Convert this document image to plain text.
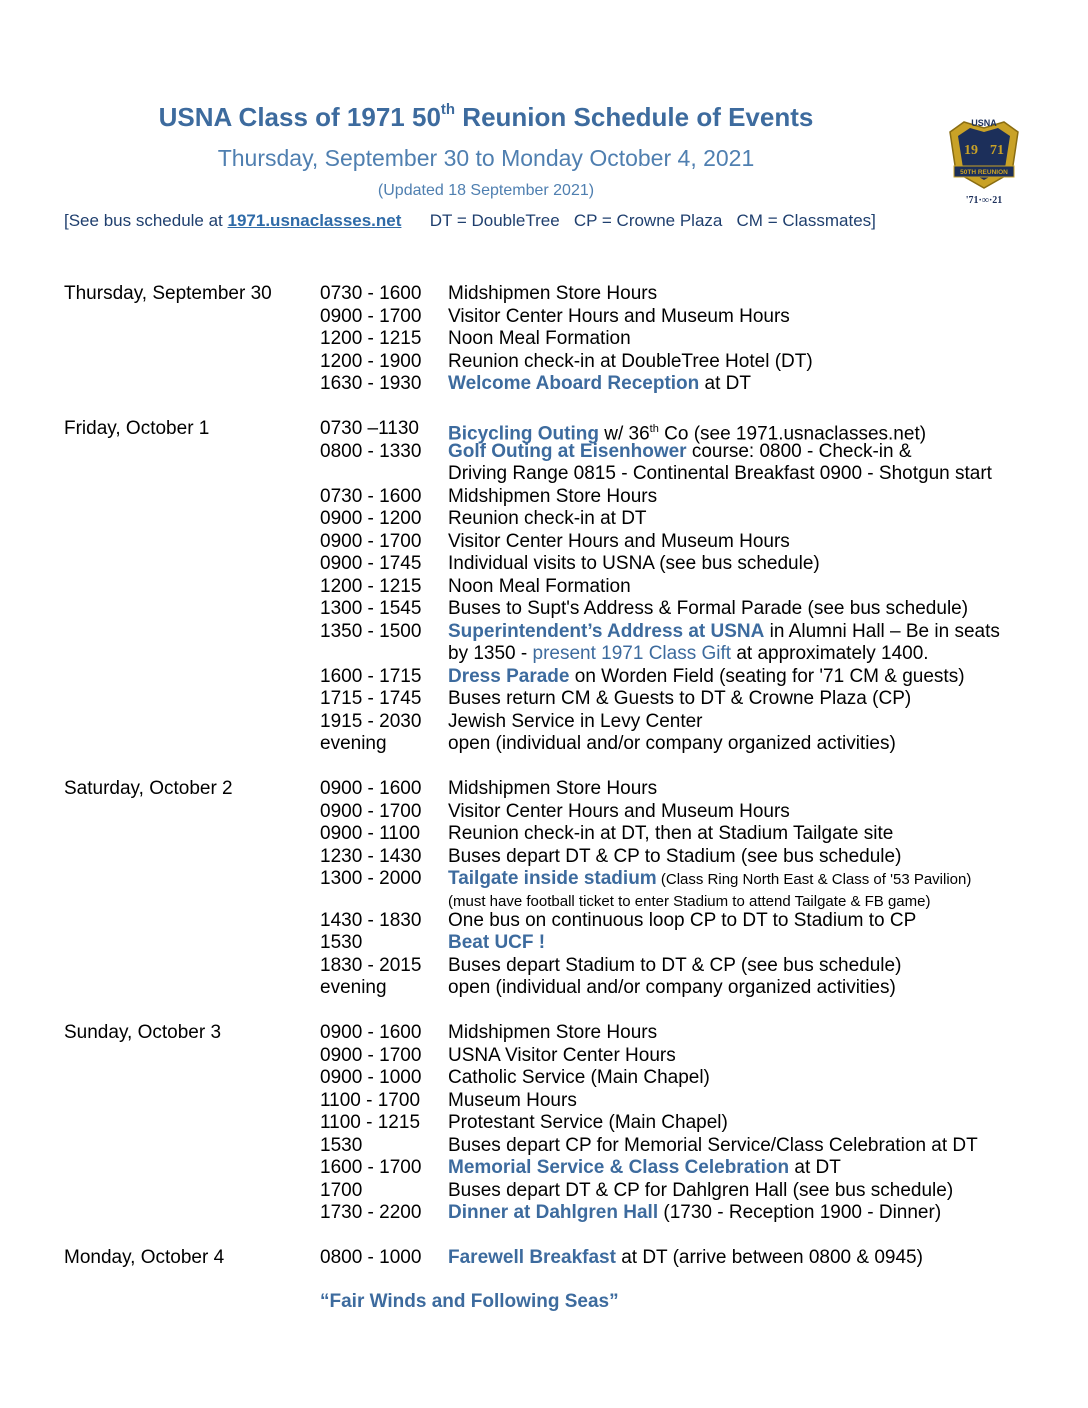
USNA Class of 1971 50th Reunion Schedule of Events
Thursday, September 30 to Monday October 4, 2021
(Updated 18 September 2021)
[See bus schedule at 1971.usnaclasses.net      DT = DoubleTree   CP = Crowne Plaza   CM = Classmates]
USNA
19 71
50TH REUNION
'71·∞·21
Thursday, September 30	0730 - 1600 Midshipmen Store Hours
0900 - 1700 Visitor Center Hours and Museum Hours
1200 - 1215 Noon Meal Formation
1200 - 1900 Reunion check-in at DoubleTree Hotel (DT)
1630 - 1930 Welcome Aboard Reception at DT
Friday, October 1	0730 –1130 Bicycling Outing w/ 36th Co (see 1971.usnaclasses.net)
0800 - 1330 Golf Outing at Eisenhower course: 0800 - Check-in &
Driving Range 0815 - Continental Breakfast 0900 - Shotgun start
0730 - 1600 Midshipmen Store Hours
0900 - 1200 Reunion check-in at DT
0900 - 1700 Visitor Center Hours and Museum Hours
0900 - 1745 Individual visits to USNA (see bus schedule)
1200 - 1215 Noon Meal Formation
1300 - 1545 Buses to Supt's Address & Formal Parade (see bus schedule)
1350 - 1500 Superintendent’s Address at USNA in Alumni Hall – Be in seats
by 1350 - present 1971 Class Gift at approximately 1400.
1600 - 1715 Dress Parade on Worden Field (seating for '71 CM & guests)
1715 - 1745 Buses return CM & Guests to DT & Crowne Plaza (CP)
1915 - 2030 Jewish Service in Levy Center
evening	open (individual and/or company organized activities)
Saturday, October 2	0900 - 1600 Midshipmen Store Hours
0900 - 1700 Visitor Center Hours and Museum Hours
0900 - 1100 Reunion check-in at DT, then at Stadium Tailgate site
1230 - 1430 Buses depart DT & CP to Stadium (see bus schedule)
1300 - 2000 Tailgate inside stadium (Class Ring North East & Class of '53 Pavilion)
(must have football ticket to enter Stadium to attend Tailgate & FB game)
1430 - 1830 One bus on continuous loop CP to DT to Stadium to CP
1530	Beat UCF !
1830 - 2015 Buses depart Stadium to DT & CP (see bus schedule)
evening	open (individual and/or company organized activities)
Sunday, October 3	0900 - 1600 Midshipmen Store Hours
0900 - 1700 USNA Visitor Center Hours
0900 - 1000 Catholic Service (Main Chapel)
1100 - 1700 Museum Hours
1100 - 1215 Protestant Service (Main Chapel)
1530	Buses depart CP for Memorial Service/Class Celebration at DT
1600 - 1700 Memorial Service & Class Celebration at DT
1700	Buses depart DT & CP for Dahlgren Hall (see bus schedule)
1730 - 2200 Dinner at Dahlgren Hall (1730 - Reception 1900 - Dinner)
Monday, October 4	0800 - 1000 Farewell Breakfast at DT (arrive between 0800 & 0945)
“Fair Winds and Following Seas”
